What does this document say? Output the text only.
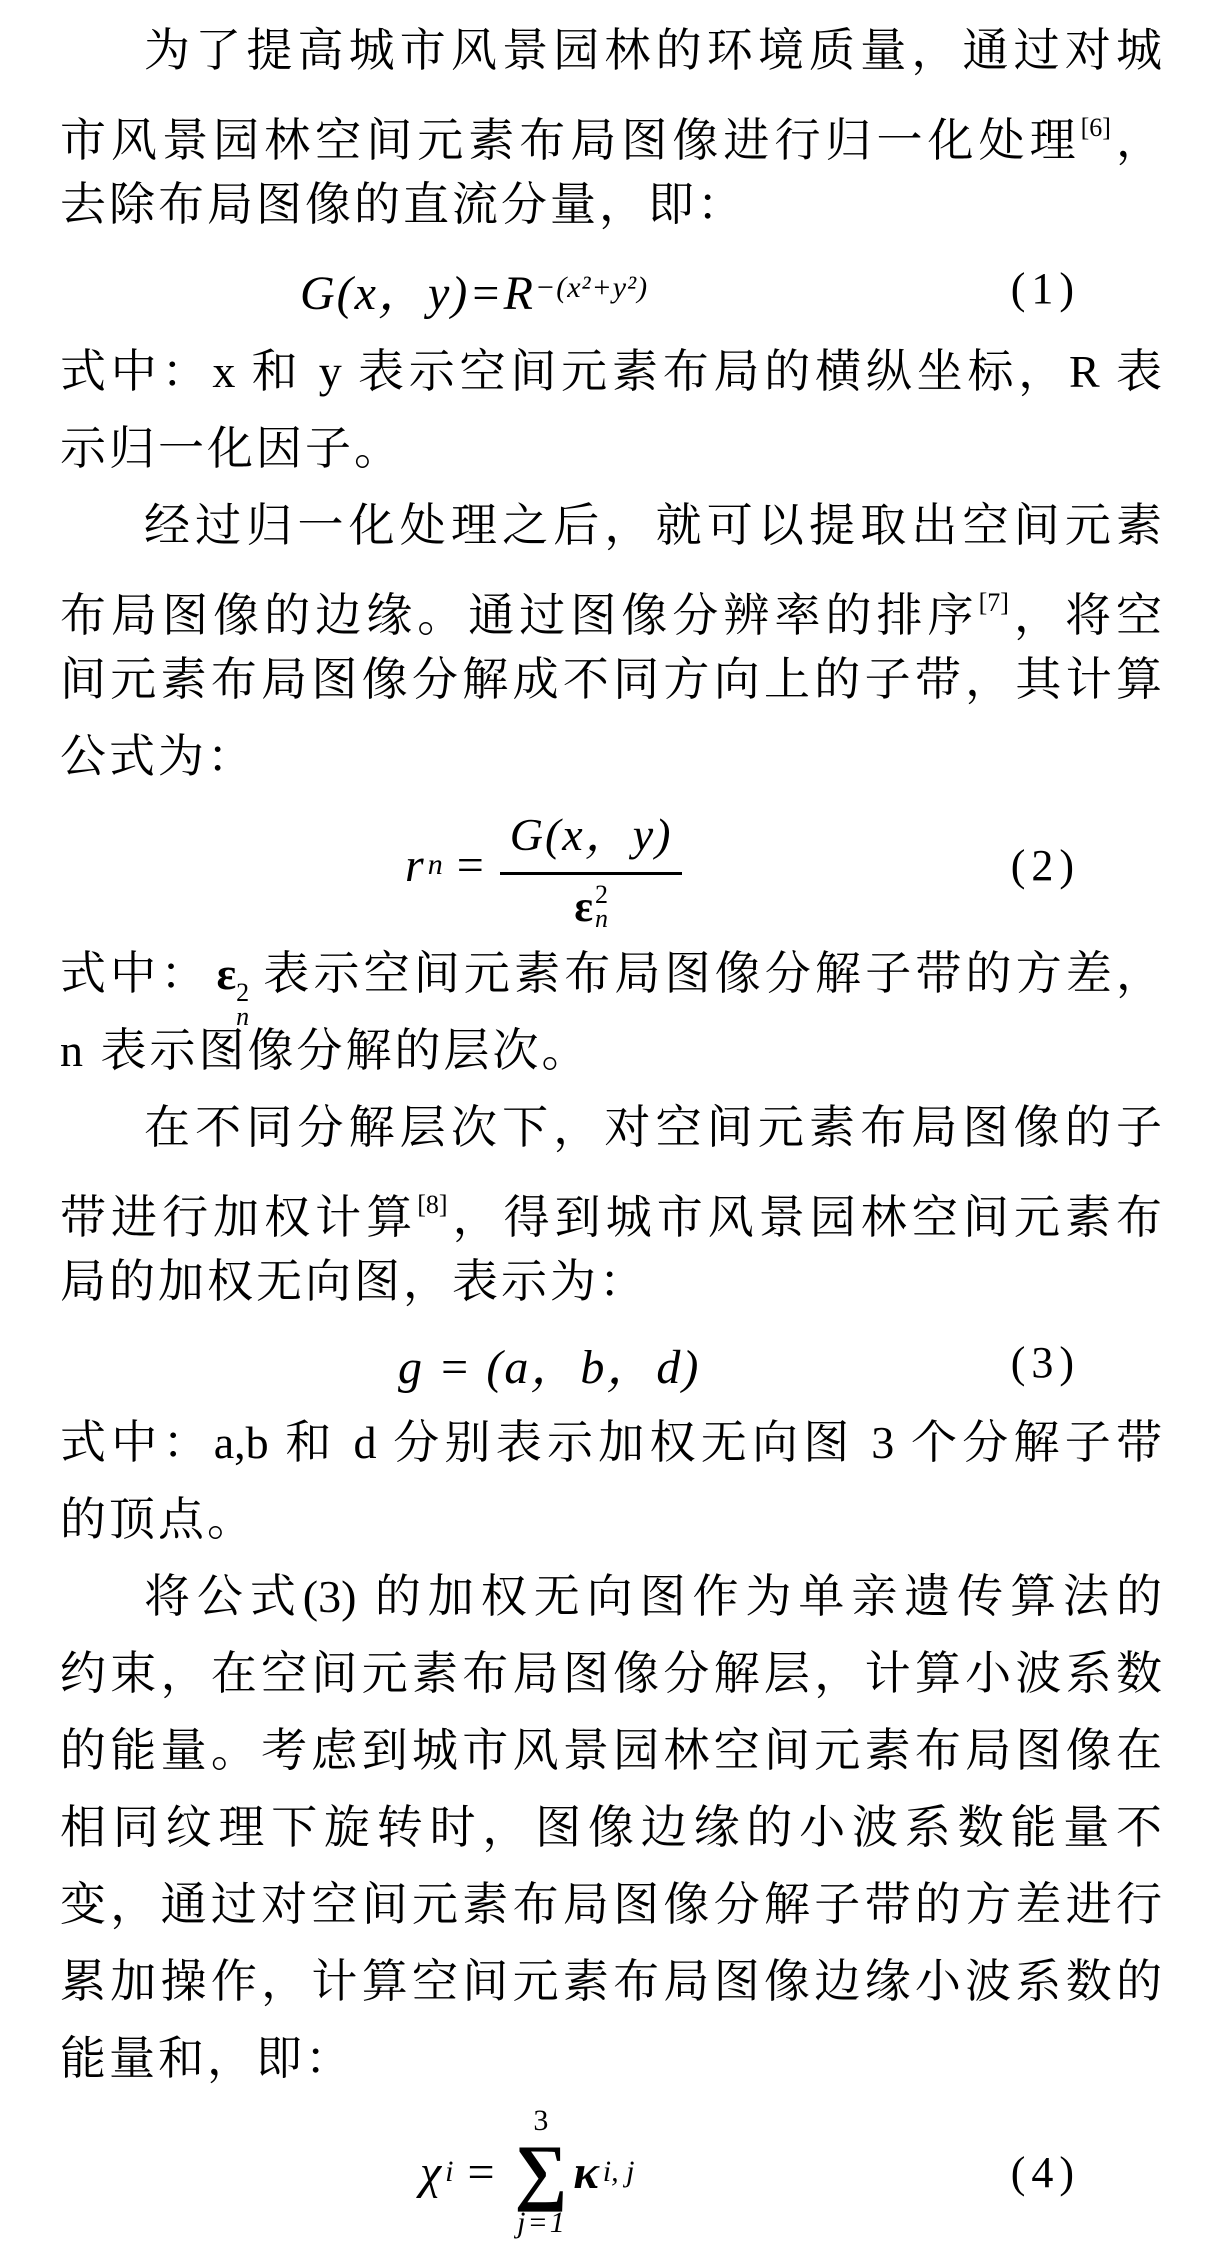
为了提高城市风景园林的环境质量，通过对城
市风景园林空间元素布局图像进行归一化处理[6]，
去除布局图像的直流分量，即：
G(x，y)=R −(x²+y²)	(1)
式中：x 和 y 表示空间元素布局的横纵坐标，R 表
示归一化因子。
经过归一化处理之后，就可以提取出空间元素
布局图像的边缘。通过图像分辨率的排序[7]，将空
间元素布局图像分解成不同方向上的子带，其计算
公式为：
r n = G(x，y)
ε 2
n	(2)
式中： ε 2
n
表示空间元素布局图像分解子带的方差，
n 表示图像分解的层次。
在不同分解层次下，对空间元素布局图像的子
带进行加权计算[8]，得到城市风景园林空间元素布
局的加权无向图，表示为：
g = (a，b，d)	(3)
式中：a,b 和 d 分别表示加权无向图 3 个分解子带
的顶点。
将公式(3) 的加权无向图作为单亲遗传算法的
约束，在空间元素布局图像分解层，计算小波系数
的能量。考虑到城市风景园林空间元素布局图像在
相同纹理下旋转时，图像边缘的小波系数能量不
变，通过对空间元素布局图像分解子带的方差进行
累加操作，计算空间元素布局图像边缘小波系数的
能量和，即：
χ i =
3
∑
j=1
κ i, j	(4)
